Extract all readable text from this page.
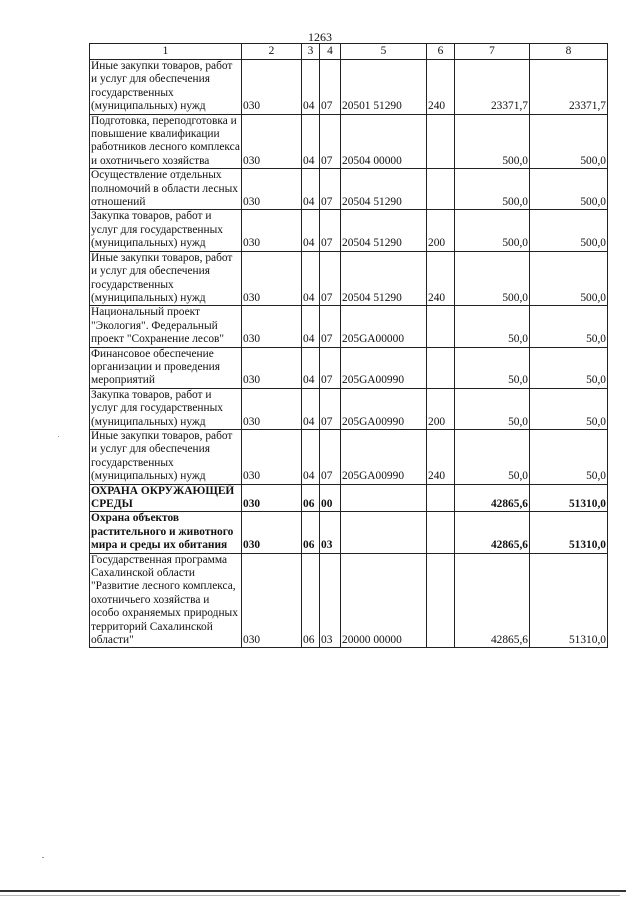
1263
1	2	3	4	5	6	7	8
Иные закупки товаров, работ и услуг для обеспечения государственных (муниципальных) нужд	030	04	07	20501 51290	240	23371,7	23371,7
Подготовка, переподготовка и повышение квалификации работников лесного комплекса и охотничьего хозяйства	030	04	07	20504 00000		500,0	500,0
Осуществление отдельных полномочий в области лесных отношений	030	04	07	20504 51290		500,0	500,0
Закупка товаров, работ и услуг для государственных (муниципальных) нужд	030	04	07	20504 51290	200	500,0	500,0
Иные закупки товаров, работ и услуг для обеспечения государственных (муниципальных) нужд	030	04	07	20504 51290	240	500,0	500,0
Национальный проект "Экология". Федеральный проект "Сохранение лесов"	030	04	07	205GA00000		50,0	50,0
Финансовое обеспечение организации и проведения мероприятий	030	04	07	205GA00990		50,0	50,0
Закупка товаров, работ и услуг для государственных (муниципальных) нужд	030	04	07	205GA00990	200	50,0	50,0
Иные закупки товаров, работ и услуг для обеспечения государственных (муниципальных) нужд	030	04	07	205GA00990	240	50,0	50,0
ОХРАНА ОКРУЖАЮЩЕЙ СРЕДЫ	030	06	00			42865,6	51310,0
Охрана объектов растительного и животного мира и среды их обитания	030	06	03			42865,6	51310,0
Государственная программа Сахалинской области "Развитие лесного комплекса, охотничьего хозяйства и особо охраняемых природных территорий Сахалинской области"	030	06	03	20000 00000		42865,6	51310,0
